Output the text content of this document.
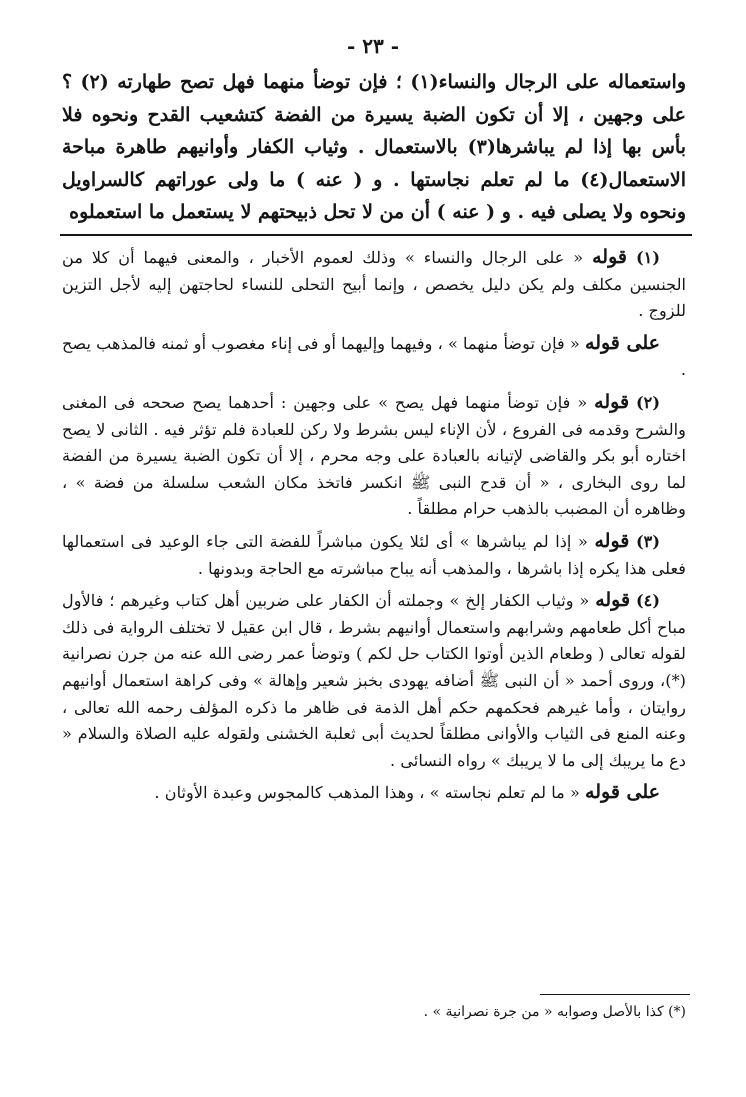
- ٢٣ -

واستعماله على الرجال والنساء(١) ؛ فإن توضأ منهما فهل تصح طهارته (٢) ؟ على وجهين ، إلا أن تكون الضبة يسيرة من الفضة كتشعيب القدح ونحوه فلا بأس بها إذا لم يباشرها(٣) بالاستعمال . وثياب الكفار وأوانيهم طاهرة مباحة الاستعمال(٤) ما لم تعلم نجاستها . و ( عنه ) ما ولى عوراتهم كالسراويل ونحوه ولا يصلى فيه . و ( عنه ) أن من لا تحل ذبيحتهم لا يستعمل ما استعملوه

(١) قوله « على الرجال والنساء » وذلك لعموم الأخبار ، والمعنى فيهما أن كلا من الجنسين مكلف ولم يكن دليل يخصص ، وإنما أبيح التحلى للنساء لحاجتهن إليه لأجل التزين للزوج .

على قوله « فإن توضأ منهما » ، وفيهما وإليهما أو فى إناء مغصوب أو ثمنه فالمذهب يصح .

(٢) قوله « فإن توضأ منهما فهل يصح » على وجهين : أحدهما يصح صححه فى المغنى والشرح وقدمه فى الفروع ، لأن الإناء ليس بشرط ولا ركن للعبادة فلم تؤثر فيه . الثانى لا يصح اختاره أبو بكر والقاضى لإتيانه بالعبادة على وجه محرم ، إلا أن تكون الضبة يسيرة من الفضة لما روى البخارى ، « أن قدح النبى ﷺ انكسر فاتخذ مكان الشعب سلسلة من فضة » ، وظاهره أن المضبب بالذهب حرام مطلقاً .

(٣) قوله « إذا لم يباشرها » أى لئلا يكون مباشراً للفضة التى جاء الوعيد فى استعمالها فعلى هذا يكره إذا باشرها ، والمذهب أنه يباح مباشرته مع الحاجة وبدونها .

(٤) قوله « وثياب الكفار إلخ » وجملته أن الكفار على ضربين أهل كتاب وغيرهم ؛ فالأول مباح أكل طعامهم وشرابهم واستعمال أوانيهم بشرط ، قال ابن عقيل لا تختلف الرواية فى ذلك لقوله تعالى ( وطعام الذين أوتوا الكتاب حل لكم ) وتوضأ عمر رضى الله عنه من جرن نصرانية (*)، وروى أحمد « أن النبى ﷺ أضافه يهودى بخبز شعير وإهالة » وفى كراهة استعمال أوانيهم روايتان ، وأما غيرهم فحكمهم حكم أهل الذمة فى ظاهر ما ذكره المؤلف رحمه الله تعالى ، وعنه المنع فى الثياب والأوانى مطلقاً لحديث أبى ثعلبة الخشنى ولقوله عليه الصلاة والسلام « دع ما يريبك إلى ما لا يريبك » رواه النسائى .

على قوله « ما لم تعلم نجاسته » ، وهذا المذهب كالمجوس وعبدة الأوثان .

(*) كذا بالأصل وصوابه « من جرة نصرانية » .
